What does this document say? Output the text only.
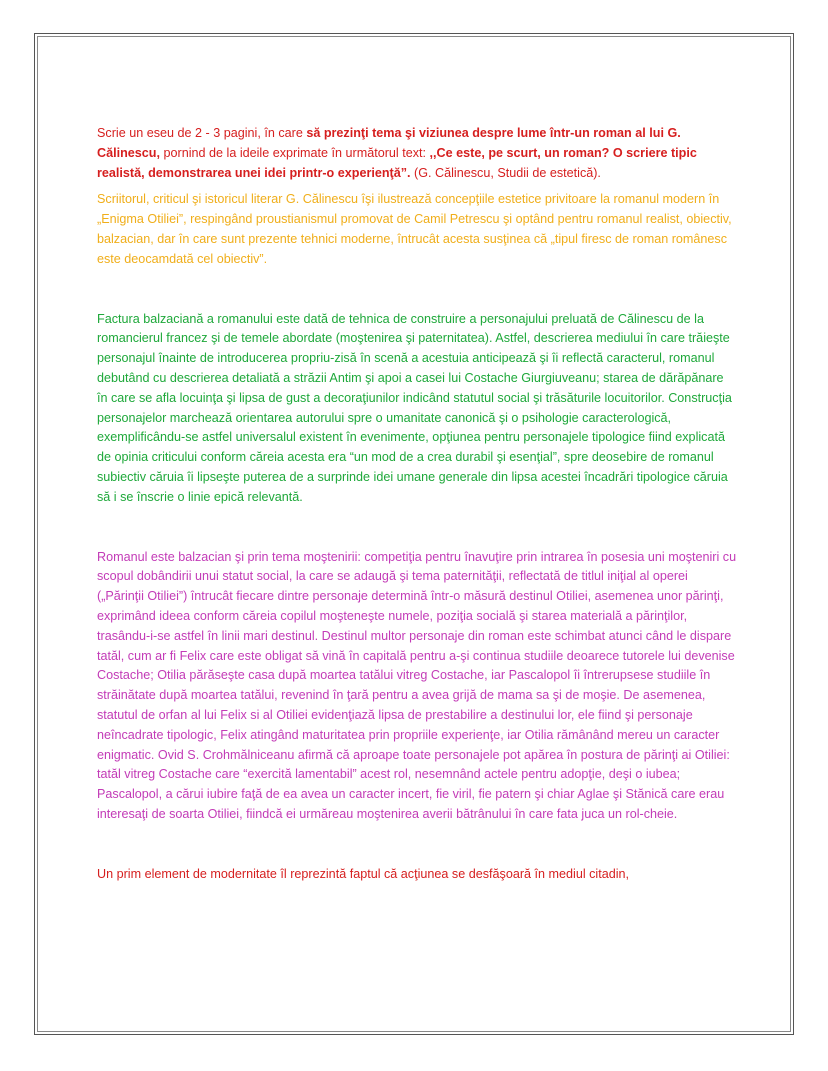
Scrie un eseu de 2 - 3 pagini, în care să prezinţi tema şi viziunea despre lume într-un roman al lui G. Călinescu, pornind de la ideile exprimate în următorul text: ,,Ce este, pe scurt, un roman? O scriere tipic realistă, demonstrarea unei idei printr-o experienţă”. (G. Călinescu, Studii de estetică).

Scriitorul, criticul şi istoricul literar G. Călinescu îşi ilustrează concepţiile estetice privitoare la romanul modern în „Enigma Otiliei”, respingând proustianismul promovat de Camil Petrescu şi optând pentru romanul realist, obiectiv, balzacian, dar în care sunt prezente tehnici moderne, întrucât acesta susţinea că „tipul firesc de roman românesc este deocamdată cel obiectiv”.

Factura balzaciană a romanului este dată de tehnica de construire a personajului preluată de Călinescu de la romancierul francez şi de temele abordate (moştenirea şi paternitatea). Astfel, descrierea mediului în care trăieşte personajul înainte de introducerea propriu-zisă în scenă a acestuia anticipează şi îi reflectă caracterul, romanul debutând cu descrierea detaliată a străzii Antim şi apoi a casei lui Costache Giurgiuveanu; starea de dărăpănare în care se afla locuinţa şi lipsa de gust a decoraţiunilor indicând statutul social şi trăsăturile locuitorilor. Construcţia personajelor marchează orientarea autorului spre o umanitate canonică şi o psihologie caracterologică, exemplificându-se astfel universalul existent în evenimente, opţiunea pentru personajele tipologice fiind explicată de opinia criticului conform căreia acesta era “un mod de a crea durabil şi esenţial”, spre deosebire de romanul subiectiv căruia îi lipseşte puterea de a surprinde idei umane generale din lipsa acestei încadrări tipologice căruia să i se înscrie o linie epică relevantă.

Romanul este balzacian şi prin tema moştenirii: competiţia pentru înavuţire prin intrarea în posesia uni moşteniri cu scopul dobândirii unui statut social, la care se adaugă şi tema paternităţii, reflectată de titlul iniţial al operei („Părinţii Otiliei”) întrucât fiecare dintre personaje determină într-o măsură destinul Otiliei, asemenea unor părinţi, exprimând ideea conform căreia copilul moşteneşte numele, poziţia socială şi starea materială a părinţilor, trasându-i-se astfel în linii mari destinul. Destinul multor personaje din roman este schimbat atunci când le dispare tatăl, cum ar fi Felix care este obligat să vină în capitală pentru a-şi continua studiile deoarece tutorele lui devenise Costache; Otilia părăseşte casa după moartea tatălui vitreg Costache, iar Pascalopol îi întrerupsese studiile în străinătate după moartea tatălui, revenind în ţară pentru a avea grijă de mama sa şi de moşie. De asemenea, statutul de orfan al lui Felix si al Otiliei evidenţiază lipsa de prestabilire a destinului lor, ele fiind şi personaje neîncadrate tipologic, Felix atingând maturitatea prin propriile experienţe, iar Otilia rămânând mereu un caracter enigmatic. Ovid S. Crohmălniceanu afirmă că aproape toate personajele pot apărea în postura de părinţi ai Otiliei: tatăl vitreg Costache care “exercită lamentabil” acest rol, nesemnând actele pentru adopţie, deşi o iubea; Pascalopol, a cărui iubire faţă de ea avea un caracter incert, fie viril, fie patern şi chiar Aglae şi Stănică care erau interesaţi de soarta Otiliei, fiindcă ei urmăreau moştenirea averii bătrânului în care fata juca un rol-cheie.

Un prim element de modernitate îl reprezintă faptul că acţiunea se desfăşoară în mediul citadin,
